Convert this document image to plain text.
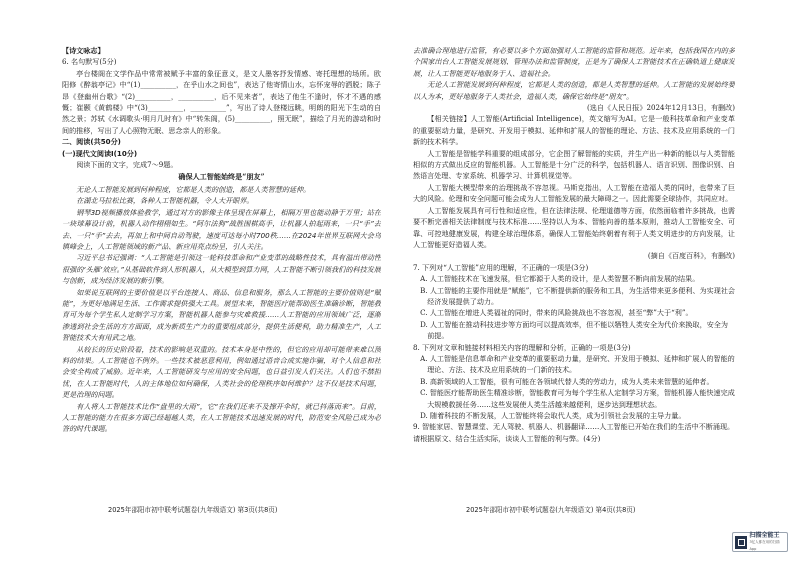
【诗文咏志】

6. 名句默写(5分)

亭台楼阁在文学作品中常常被赋予丰富的象征意义，是文人墨客抒发情感、寄托理想的场所。欧阳修《醉翁亭记》中“(1)__________，在乎山水之间也”，表达了他寄情山水，忘怀宠辱的洒脱；陈子昂《登幽州台歌》“(2)__________，__________，后不见来者”，表达了他生不逢时，怀才不遇的感慨；崔颢《黄鹤楼》中“(3)__________，__________”，写出了诗人登楼远眺，明朗的阳光下生动的自然之景；苏轼《水调歌头·明月几时有》中“转朱阁，(5)__________，照无眠”，描绘了月光的游动和时间的推移，写出了人心照物无眠、思念亲人的形象。

二、阅读(共50分)

(一)现代文阅读Ⅰ(10分)

阅读下面的文字，完成7～9题。

确保人工智能始终是“朋友”

无论人工智能发展到何种程度，它都是人类的创造，都是人类智慧的延伸。

在湖北马拉松比赛，各种人工智能机器，令人大开眼界。

钢琴3D视频播放体验教学，通过对方的影像主体呈现在屏幕上，相隔万里也能动静于万里；站在一块球幕设计前，机器人动作栩栩如生。“阿尔法狗”战胜围棋高手，让机器人拍起雨来，一只“手”去去、一只“手”去去，再加上和中间自动驾驶，速度可达每小时700秩……在2024年世界互联网大会乌镇峰会上，人工智能领域的新产品、新应用亮点纷呈，引人关注。

习近平总书记强调：“人工智能是引领这一轮科技革命和产业变革的战略性技术，具有溢出带动性很强的‘头雁’效应。”从基础软件到人形机器人，从大模型到算力网，人工智能不断引领我们的科技发展与创新，成为经济发展的新引擎。

如果说互联网的主要价值是以平台连接人、商品、信息和服务，那么人工智能的主要价值则是“赋能”，为更好地满足生活、工作需求提供强大工具。展望未来，智能医疗能帮助医生准确诊断，智能教育可为每个学生私人定制学习方案，智能机器人能参与灾难救援……人工智能的应用领域广泛，逐渐渗透到社会生活的方方面面，成为新质生产力的重要组成部分，提供生活便利，助力精准生产，人工智能技术大有用武之地。

从较长的历史阶段看，技术的影响是双重的。技术本身是中性的，但它的应用却可能带来难以预料的结果。人工智能也不例外。一些技术被恶意利用，例如通过语音合成实施诈骗，对个人信息和社会安全构成了威胁。近年来，人工智能研发与应用的安全问题，也日益引发人们关注。人们也不禁担忧，在人工智能时代，人的主体地位如何确保，人类社会的伦理秩序如何维护？这不仅是技术问题，更是治理的问题。

有人将人工智能技术比作“盘里的大雨”，它“在我们还来不及撑开伞时，就已抖落而来”。目前，人工智能的能力在很多方面已经超越人类，在人工智能技术迅速发展的时代，防范安全风险已成为必答的时代课题。

去准确合理地进行监管，有必要以多个方面加强对人工智能的监管和规范。近年来，包括我国在内的多个国家出台人工智能发展规划、管理办法和监管制度，正是为了确保人工智能技术在正确轨道上健康发展，让人工智能更好地服务于人、造福社会。

无论人工智能发展到何种程度，它都是人类的创造，都是人类智慧的延伸。人工智能的发展始终要以人为本，更好地服务于人类社会，造福人类，确保它始终是“朋友”。

(选自《人民日报》2024年12月13日，有删改)

【相关链接】人工智能(Artificial Intelligence)，英文缩写为AI。它是一般科技革命和产业变革的重要驱动力量，是研究、开发用于模拟、延伸和扩展人的智能的理论、方法、技术及应用系统的一门新的技术科学。

人工智能是智能学科重要的组成部分，它企图了解智能的实质，并生产出一种新的能以与人类智能相似的方式做出反应的智能机器。人工智能是十分广泛的科学，包括机器人、语言识别、图像识别、自然语言处理、专家系统、机器学习、计算机视觉等。

人工智能大模型带来的治理挑战不容忽视。马斯克指出，人工智能在造福人类的同时，也带来了巨大的风险。伦理和安全问题可能会成为人工智能发展的最大障碍之一。因此需要全球协作，共同应对。

人工智能发展具有可行性和适应性，但在法律法规、伦理道德等方面，依然面临着许多挑战，也需要不断完善相关法律制度与技术标准……坚持以人为本、智能向善的基本原则，推动人工智能安全、可靠、可控地健康发展，构建全球治理体系，确保人工智能始终朝着有利于人类文明进步的方向发展，让人工智能更好造福人类。

(摘自《百度百科》，有删改)

7. 下列对“人工智能”应用的理解，不正确的一项是(3分)

A. 人工智能技术在飞速发展，但它都源于人类的设计，是人类智慧不断向前发展的结果。

B. 人工智能的主要作用就是“赋能”，它不断提供新的服务和工具，为生活带来更多便利、为实现社会经济发展提供了动力。

C. 人工智能在增进人类福祉的同时，带来的风险挑战也不容忽视，甚至“弊”大于“利”。

D. 人工智能在推动科技进步等方面均可以提高效率，但不能以牺牲人类安全为代价来换取，安全为前提。

8. 下列对文章和链接材料相关内容的理解和分析，正确的一项是(3分)

A. 人工智能是信息革命和产业变革的重要驱动力量，是研究、开发用于模拟、延伸和扩展人的智能的理论、方法、技术及应用系统的一门新的技术。

B. 高新领域的人工智能，很有可能在各领域代替人类的劳动力，成为人类未来智慧的延伸者。

C. 智能医疗能帮助医生精准诊断，智能教育可为每个学生私人定制学习方案，智能机器人能快速完成大规模救援任务……这些发展使人类生活越来越便利，逐步达到理想状态。

D. 随着科技的不断发展，人工智能终将会取代人类，成为引领社会发展的主导力量。

9. 智能家居、智慧课堂、无人驾驶、机器人、机器翻译……人工智能已开始在我们的生活中不断涌现。请根据原文、结合生活实际，谈谈人工智能的利与弊。(4分)

2025年邵阳市初中联考试题卷(九年级语文) 第3页(共8页)	2025年邵阳市初中联考试题卷(九年级语文) 第4页(共8页)
扫描全能王
3亿人都在用的扫描App
